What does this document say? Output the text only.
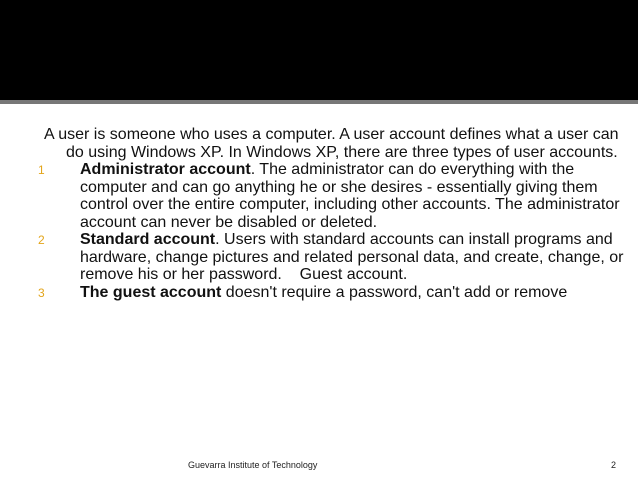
A user is someone who uses a computer. A user account defines what a user can do using Windows XP. In Windows XP, there are three types of user accounts.

1 Administrator account. The administrator can do everything with the computer and can go anything he or she desires - essentially giving them control over the entire computer, including other accounts. The administrator account can never be disabled or deleted.

2 Standard account. Users with standard accounts can install programs and hardware, change pictures and related personal data, and create, change, or remove his or her password.    Guest account.

3 The guest account doesn't require a password, can't add or remove

Guevarra Institute of Technology	2
